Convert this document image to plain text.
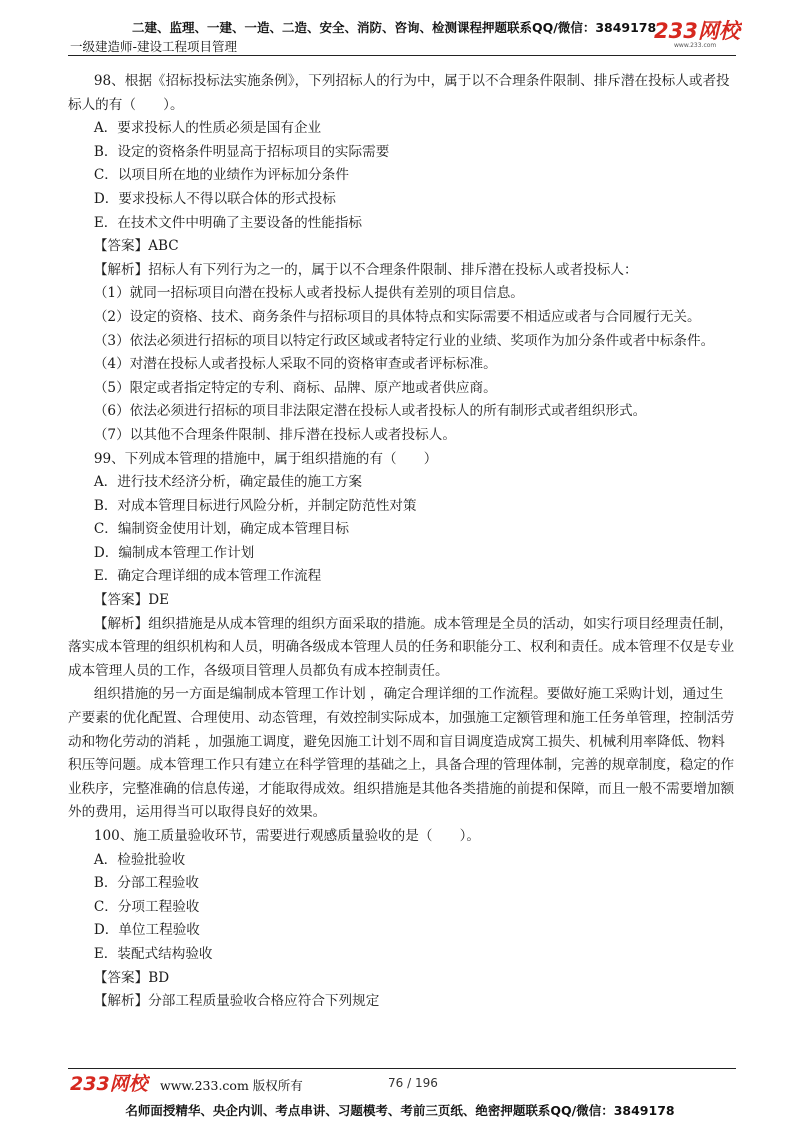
二建、监理、一建、一造、二造、安全、消防、咨询、检测课程押题联系QQ/微信：3849178
一级建造师-建设工程项目管理
233网校
www.233.com

98、根据《招标投标法实施条例》，下列招标人的行为中，属于以不合理条件限制、排斥潜在投标人或者投标人的有（　　）。

A．要求投标人的性质必须是国有企业

B．设定的资格条件明显高于招标项目的实际需要

C．以项目所在地的业绩作为评标加分条件

D．要求投标人不得以联合体的形式投标

E．在技术文件中明确了主要设备的性能指标

【答案】ABC

【解析】招标人有下列行为之一的，属于以不合理条件限制、排斥潜在投标人或者投标人：

（1）就同一招标项目向潜在投标人或者投标人提供有差别的项目信息。

（2）设定的资格、技术、商务条件与招标项目的具体特点和实际需要不相适应或者与合同履行无关。

（3）依法必须进行招标的项目以特定行政区域或者特定行业的业绩、奖项作为加分条件或者中标条件。

（4）对潜在投标人或者投标人采取不同的资格审查或者评标标准。

（5）限定或者指定特定的专利、商标、品牌、原产地或者供应商。

（6）依法必须进行招标的项目非法限定潜在投标人或者投标人的所有制形式或者组织形式。

（7）以其他不合理条件限制、排斥潜在投标人或者投标人。

99、下列成本管理的措施中，属于组织措施的有（　　）

A．进行技术经济分析，确定最佳的施工方案

B．对成本管理目标进行风险分析，并制定防范性对策

C．编制资金使用计划，确定成本管理目标

D．编制成本管理工作计划

E．确定合理详细的成本管理工作流程

【答案】DE

【解析】组织措施是从成本管理的组织方面采取的措施。成本管理是全员的活动，如实行项目经理责任制，落实成本管理的组织机构和人员，明确各级成本管理人员的任务和职能分工、权利和责任。成本管理不仅是专业成本管理人员的工作，各级项目管理人员都负有成本控制责任。

组织措施的另一方面是编制成本管理工作计划 ，确定合理详细的工作流程。要做好施工采购计划，通过生产要素的优化配置、合理使用、动态管理，有效控制实际成本，加强施工定额管理和施工任务单管理，控制活劳动和物化劳动的消耗 ，加强施工调度，避免因施工计划不周和盲目调度造成窝工损失、机械利用率降低、物料积压等问题。成本管理工作只有建立在科学管理的基础之上，具备合理的管理体制，完善的规章制度，稳定的作业秩序，完整准确的信息传递，才能取得成效。组织措施是其他各类措施的前提和保障，而且一般不需要增加额外的费用，运用得当可以取得良好的效果。

100、施工质量验收环节，需要进行观感质量验收的是（　　）。

A．检验批验收

B．分部工程验收

C．分项工程验收

D．单位工程验收

E．装配式结构验收

【答案】BD

【解析】分部工程质量验收合格应符合下列规定

233网校 www.233.com 版权所有	76 / 196
名师面授精华、央企内训、考点串讲、习题模考、考前三页纸、绝密押题联系QQ/微信：3849178
